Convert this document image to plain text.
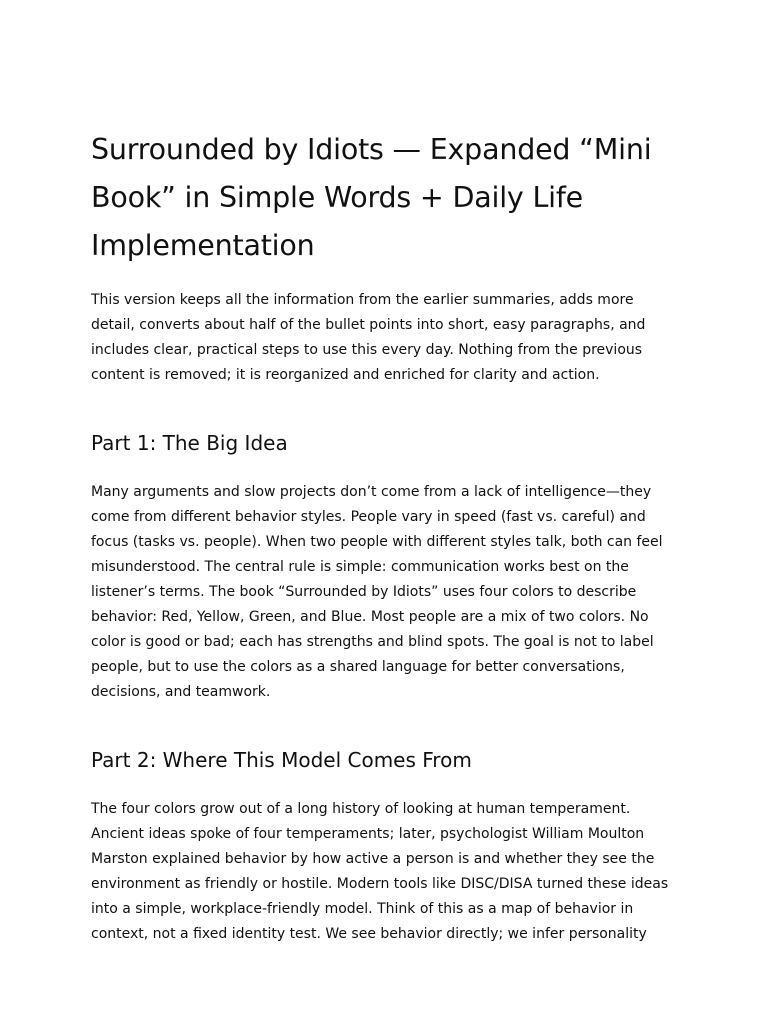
Surrounded by Idiots — Expanded “Mini Book” in Simple Words + Daily Life Implementation

This version keeps all the information from the earlier summaries, adds more detail, converts about half of the bullet points into short, easy paragraphs, and includes clear, practical steps to use this every day. Nothing from the previous content is removed; it is reorganized and enriched for clarity and action.

Part 1: The Big Idea

Many arguments and slow projects don’t come from a lack of intelligence—they come from different behavior styles. People vary in speed (fast vs. careful) and focus (tasks vs. people). When two people with different styles talk, both can feel misunderstood. The central rule is simple: communication works best on the listener’s terms. The book “Surrounded by Idiots” uses four colors to describe behavior: Red, Yellow, Green, and Blue. Most people are a mix of two colors. No color is good or bad; each has strengths and blind spots. The goal is not to label people, but to use the colors as a shared language for better conversations, decisions, and teamwork.

Part 2: Where This Model Comes From

The four colors grow out of a long history of looking at human temperament. Ancient ideas spoke of four temperaments; later, psychologist William Moulton Marston explained behavior by how active a person is and whether they see the environment as friendly or hostile. Modern tools like DISC/DISA turned these ideas into a simple, workplace-friendly model. Think of this as a map of behavior in context, not a fixed identity test. We see behavior directly; we infer personality
